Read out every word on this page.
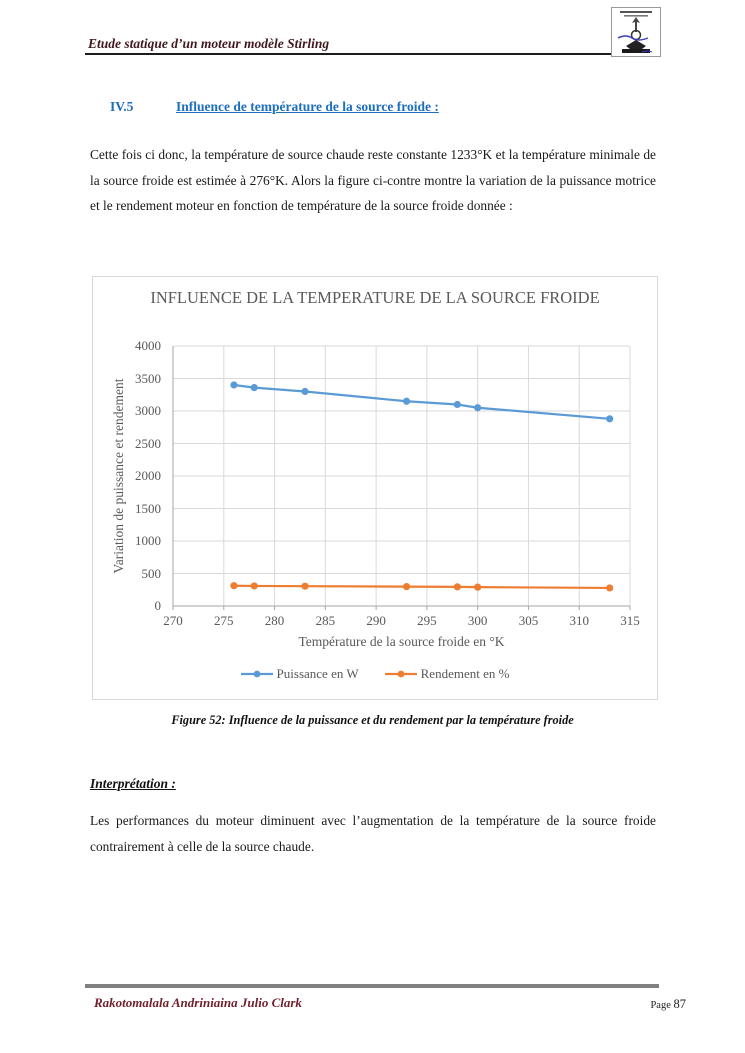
Etude statique d’un moteur modèle Stirling
IV.5	Influence de température de la source froide :
Cette fois ci donc, la température de source chaude reste constante 1233°K et la température minimale de la source froide est estimée à 276°K. Alors la figure ci-contre montre la variation de la puissance motrice et le rendement moteur en fonction de température de la source froide donnée :
INFLUENCE DE LA TEMPERATURE DE LA SOURCE FROIDE
Variation de puissance et rendement
Température de la source froide en °K
Puissance en W	Rendement en %
0
500
1000
1500
2000
2500
3000
3500
4000
270	275	280	285	290	295	300	305	310	315
Figure 52: Influence de la puissance et du rendement par la température froide
Interprétation :
Les performances du moteur diminuent avec l’augmentation de la température de la source froide contrairement à celle de la source chaude.
Rakotomalala Andriniaina Julio Clark	Page 87
